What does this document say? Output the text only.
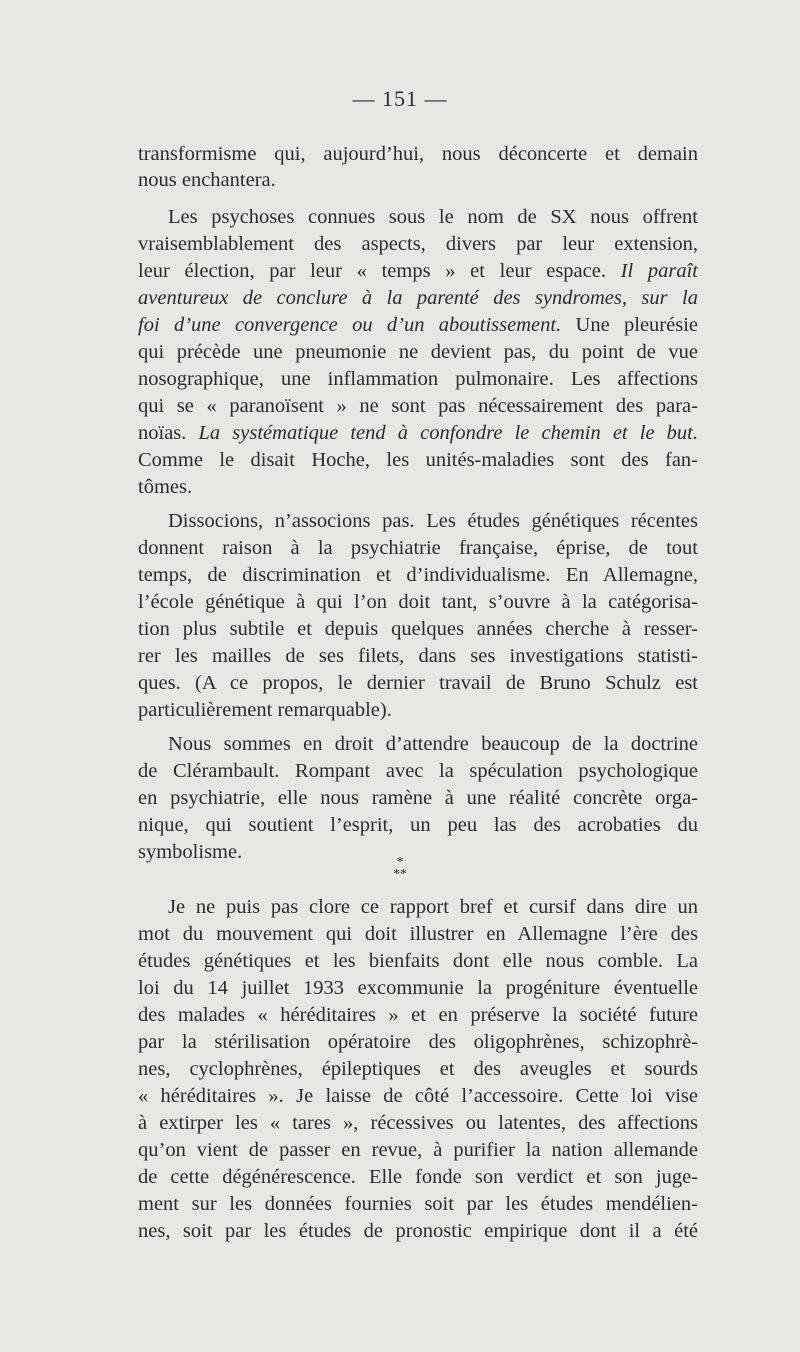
— 151 —
transformisme qui, aujourd’hui, nous déconcerte et demain
nous enchantera.
Les psychoses connues sous le nom de SX nous offrent
vraisemblablement des aspects, divers par leur extension,
leur élection, par leur « temps » et leur espace. Il paraît
aventureux de conclure à la parenté des syndromes, sur la
foi d’une convergence ou d’un aboutissement. Une pleurésie
qui précède une pneumonie ne devient pas, du point de vue
nosographique, une inflammation pulmonaire. Les affections
qui se « paranoïsent » ne sont pas nécessairement des para-
noïas. La systématique tend à confondre le chemin et le but.
Comme le disait Hoche, les unités-maladies sont des fan-
tômes.
Dissocions, n’associons pas. Les études génétiques récentes
donnent raison à la psychiatrie française, éprise, de tout
temps, de discrimination et d’individualisme. En Allemagne,
l’école génétique à qui l’on doit tant, s’ouvre à la catégorisa-
tion plus subtile et depuis quelques années cherche à resser-
rer les mailles de ses filets, dans ses investigations statisti-
ques. (A ce propos, le dernier travail de Bruno Schulz est
particulièrement remarquable).
Nous sommes en droit d’attendre beaucoup de la doctrine
de Clérambault. Rompant avec la spéculation psychologique
en psychiatrie, elle nous ramène à une réalité concrète orga-
nique, qui soutient l’esprit, un peu las des acrobaties du
symbolisme.
Je ne puis pas clore ce rapport bref et cursif dans dire un
mot du mouvement qui doit illustrer en Allemagne l’ère des
études génétiques et les bienfaits dont elle nous comble. La
loi du 14 juillet 1933 excommunie la progéniture éventuelle
des malades « héréditaires » et en préserve la société future
par la stérilisation opératoire des oligophrènes, schizophrè-
nes, cyclophrènes, épileptiques et des aveugles et sourds
« héréditaires ». Je laisse de côté l’accessoire. Cette loi vise
à extirper les « tares », récessives ou latentes, des affections
qu’on vient de passer en revue, à purifier la nation allemande
de cette dégénérescence. Elle fonde son verdict et son juge-
ment sur les données fournies soit par les études mendélien-
nes, soit par les études de pronostic empirique dont il a été
*
**
